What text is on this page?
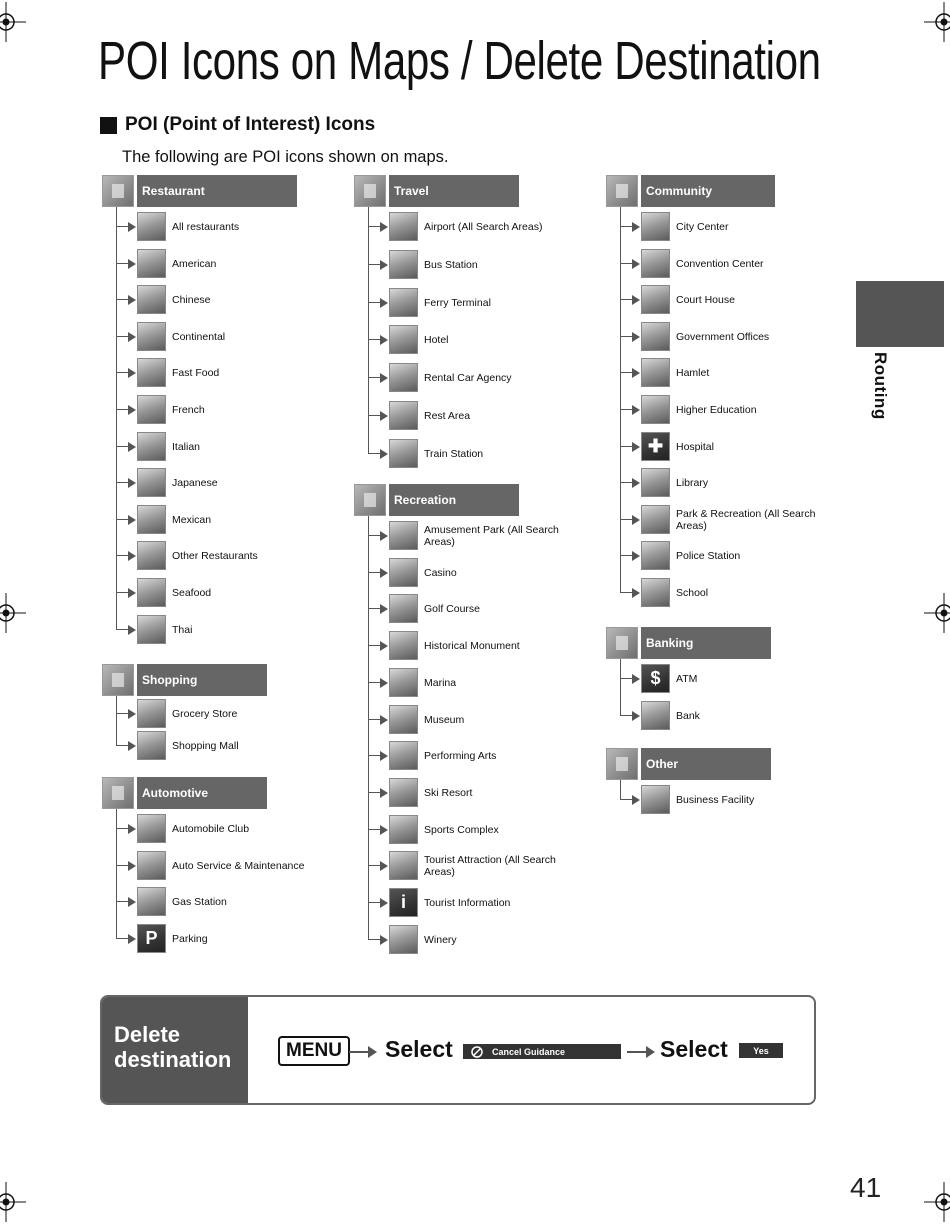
POI Icons on Maps / Delete Destination
POI (Point of Interest) Icons
The following are POI icons shown on maps.
Routing
Restaurant
All restaurants
American
Chinese
Continental
Fast Food
French
Italian
Japanese
Mexican
Other Restaurants
Seafood
Thai
Shopping
Grocery Store
Shopping Mall
Automotive
Automobile Club
Auto Service & Maintenance
Gas Station
P	Parking
Travel
Airport (All Search Areas)
Bus Station
Ferry Terminal
Hotel
Rental Car Agency
Rest Area
Train Station
Recreation
Amusement Park (All Search Areas)
Casino
Golf Course
Historical Monument
Marina
Museum
Performing Arts
Ski Resort
Sports Complex
Tourist Attraction (All Search Areas)
i	Tourist Information
Winery
Community
City Center
Convention Center
Court House
Government Offices
Hamlet
Higher Education
✚	Hospital
Library
Park & Recreation (All Search Areas)
Police Station
School
Banking
$	ATM
Bank
Other
Business Facility
Delete destination	MENU	Select	Cancel Guidance	Select	Yes
41
